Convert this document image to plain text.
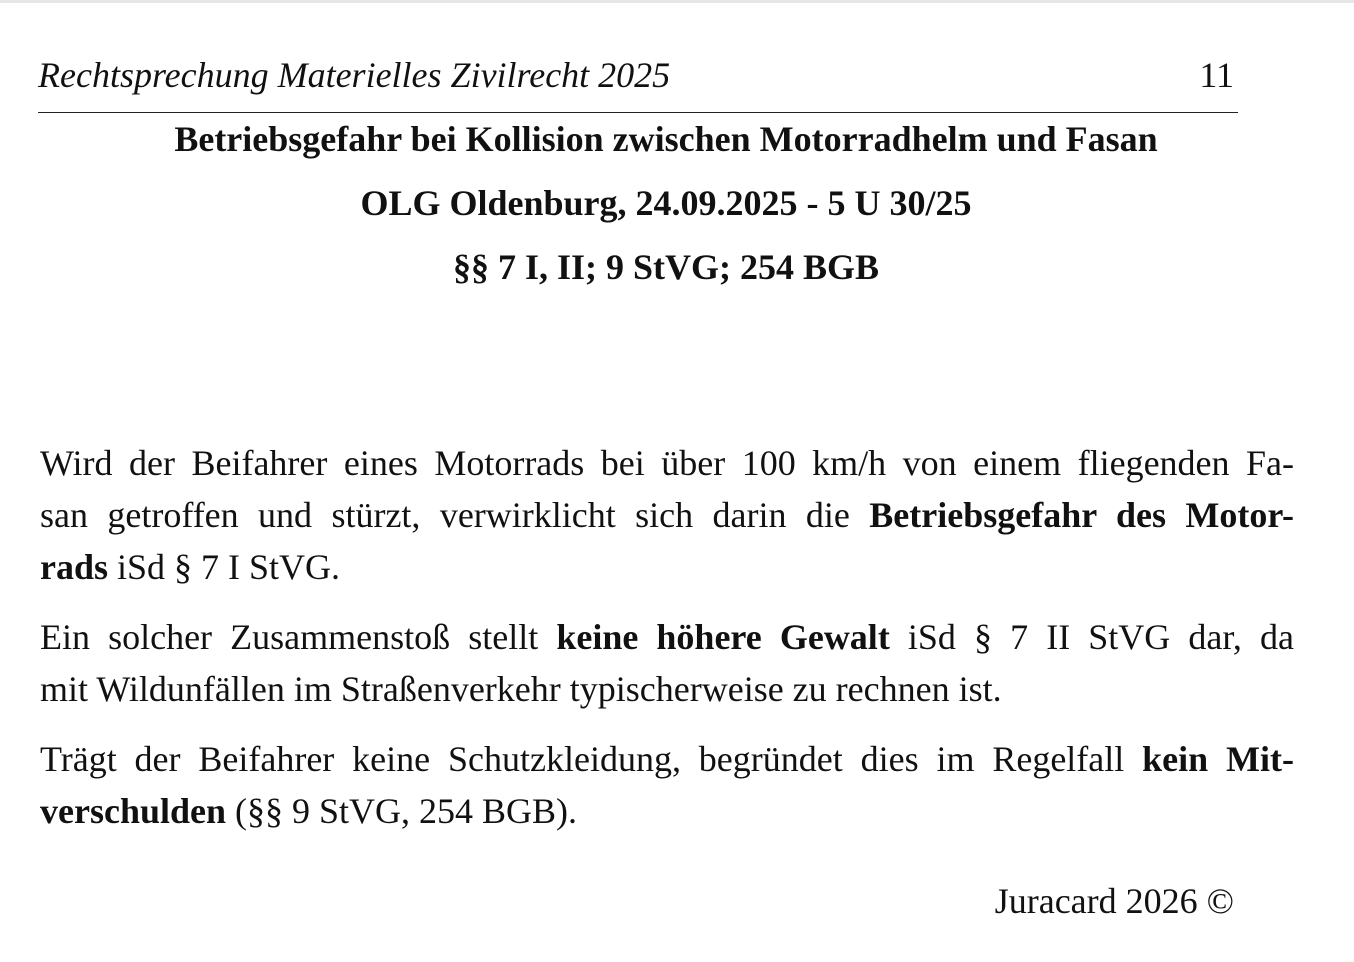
Rechtsprechung Materielles Zivilrecht 2025	11
Betriebsgefahr bei Kollision zwischen Motorradhelm und Fasan
OLG Oldenburg, 24.09.2025 - 5 U 30/25
§§ 7 I, II; 9 StVG; 254 BGB
Wird der Beifahrer eines Motorrads bei über 100 km/h von einem fliegenden Fa-
san getroffen und stürzt, verwirklicht sich darin die Betriebsgefahr des Motor-
rads iSd § 7 I StVG.
Ein solcher Zusammenstoß stellt keine höhere Gewalt iSd § 7 II StVG dar, da
mit Wildunfällen im Straßenverkehr typischerweise zu rechnen ist.
Trägt der Beifahrer keine Schutzkleidung, begründet dies im Regelfall kein Mit-
verschulden (§§ 9 StVG, 254 BGB).
Juracard 2026 ©
